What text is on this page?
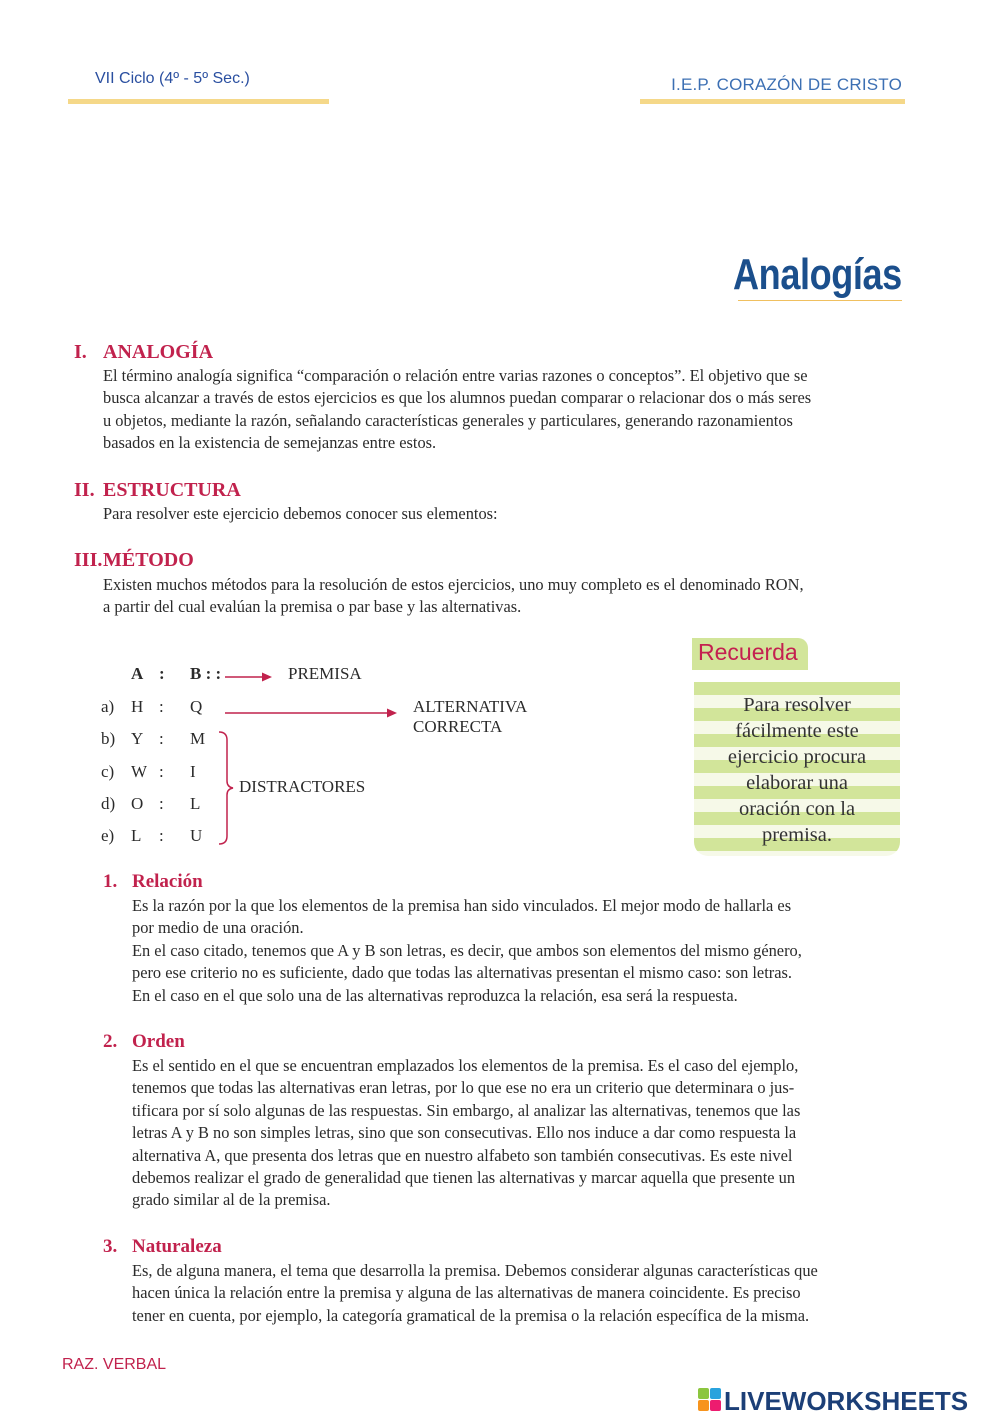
VII Ciclo (4º - 5º Sec.)	I.E.P. CORAZÓN DE CRISTO
Analogías
I. ANALOGÍA
El término analogía significa “comparación o relación entre varias razones o conceptos”. El objetivo que se
busca alcanzar a través de estos ejercicios es que los alumnos puedan comparar o relacionar dos o más seres
u objetos, mediante la razón, señalando características generales y particulares, generando razonamientos
basados en la existencia de semejanzas entre estos.
II. ESTRUCTURA
Para resolver este ejercicio debemos conocer sus elementos:
III. MÉTODO
Existen muchos métodos para la resolución de estos ejercicios, uno muy completo es el denominado RON,
a partir del cual evalúan la premisa o par base y las alternativas.
A : B : :	PREMISA
a) H : Q
b) Y : M
c) W : I
d) O : L
e) L : U
ALTERNATIVA
CORRECTA
DISTRACTORES
Recuerda
Para resolver
fácilmente este
ejercicio procura
elaborar una
oración con la
premisa.
1. Relación
Es la razón por la que los elementos de la premisa han sido vinculados. El mejor modo de hallarla es
por medio de una oración.
En el caso citado, tenemos que A y B son letras, es decir, que ambos son elementos del mismo género,
pero ese criterio no es suficiente, dado que todas las alternativas presentan el mismo caso: son letras.
En el caso en el que solo una de las alternativas reproduzca la relación, esa será la respuesta.
2. Orden
Es el sentido en el que se encuentran emplazados los elementos de la premisa. Es el caso del ejemplo,
tenemos que todas las alternativas eran letras, por lo que ese no era un criterio que determinara o jus-
tificara por sí solo algunas de las respuestas. Sin embargo, al analizar las alternativas, tenemos que las
letras A y B no son simples letras, sino que son consecutivas. Ello nos induce a dar como respuesta la
alternativa A, que presenta dos letras que en nuestro alfabeto son también consecutivas. Es este nivel
debemos realizar el grado de generalidad que tienen las alternativas y marcar aquella que presente un
grado similar al de la premisa.
3. Naturaleza
Es, de alguna manera, el tema que desarrolla la premisa. Debemos considerar algunas características que
hacen única la relación entre la premisa y alguna de las alternativas de manera coincidente. Es preciso
tener en cuenta, por ejemplo, la categoría gramatical de la premisa o la relación específica de la misma.
RAZ. VERBAL
LIVEWORKSHEETS
